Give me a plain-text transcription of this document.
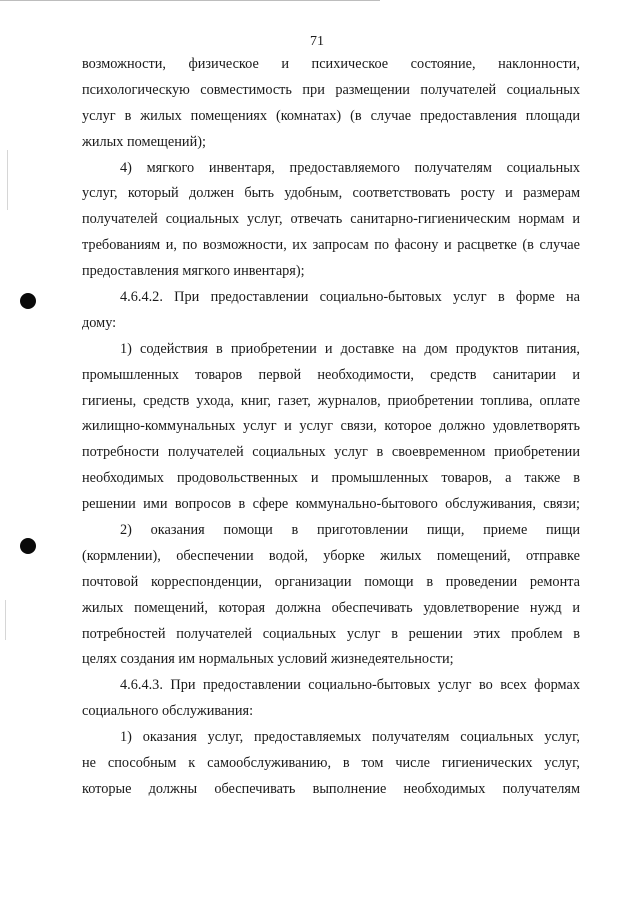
71
возможности, физическое и психическое состояние, наклонности,
психологическую совместимость при размещении получателей социальных
услуг в жилых помещениях (комнатах) (в случае предоставления площади
жилых помещений);
4) мягкого инвентаря, предоставляемого получателям социальных
услуг, который должен быть удобным, соответствовать росту и размерам
получателей социальных услуг, отвечать санитарно-гигиеническим нормам и
требованиям и, по возможности, их запросам по фасону и расцветке (в случае
предоставления мягкого инвентаря);
4.6.4.2. При предоставлении социально-бытовых услуг в форме на
дому:
1) содействия в приобретении и доставке на дом продуктов питания,
промышленных товаров первой необходимости, средств санитарии и
гигиены, средств ухода, книг, газет, журналов, приобретении топлива, оплате
жилищно-коммунальных услуг и услуг связи, которое должно удовлетворять
потребности получателей социальных услуг в своевременном приобретении
необходимых продовольственных и промышленных товаров, а также в
решении ими вопросов в сфере коммунально-бытового обслуживания, связи;
2) оказания помощи в приготовлении пищи, приеме пищи
(кормлении), обеспечении водой, уборке жилых помещений, отправке
почтовой корреспонденции, организации помощи в проведении ремонта
жилых помещений, которая должна обеспечивать удовлетворение нужд и
потребностей получателей социальных услуг в решении этих проблем в
целях создания им нормальных условий жизнедеятельности;
4.6.4.3. При предоставлении социально-бытовых услуг во всех формах
социального обслуживания:
1) оказания услуг, предоставляемых получателям социальных услуг,
не способным к самообслуживанию, в том числе гигиенических услуг,
которые должны обеспечивать выполнение необходимых получателям
